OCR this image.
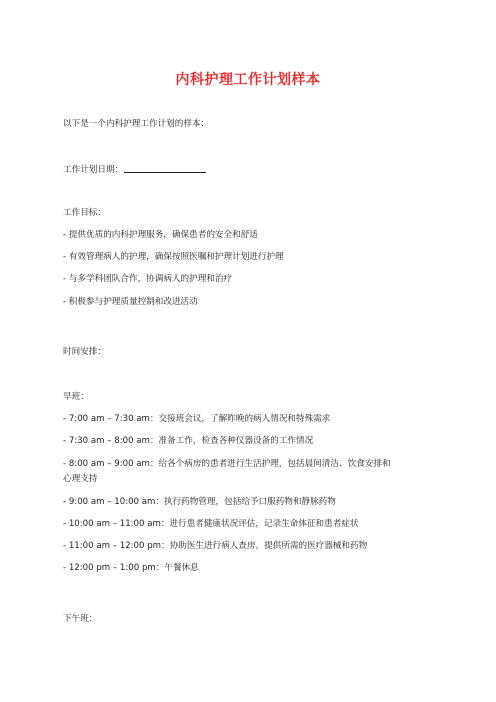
内科护理工作计划样本
以下是一个内科护理工作计划的样本：
工作计划日期：
工作目标：
- 提供优质的内科护理服务，确保患者的安全和舒适
- 有效管理病人的护理，确保按照医嘱和护理计划进行护理
- 与多学科团队合作，协调病人的护理和治疗
- 积极参与护理质量控制和改进活动
时间安排：
早班：
- 7:00 am – 7:30 am：交接班会议，了解昨晚的病人情况和特殊需求
- 7:30 am – 8:00 am：准备工作，检查各种仪器设备的工作情况
- 8:00 am – 9:00 am：给各个病房的患者进行生活护理，包括晨间清洁、饮食安排和
心理支持
- 9:00 am – 10:00 am：执行药物管理，包括给予口服药物和静脉药物
- 10:00 am – 11:00 am：进行患者健康状况评估，记录生命体征和患者症状
- 11:00 am – 12:00 pm：协助医生进行病人查房，提供所需的医疗器械和药物
- 12:00 pm – 1:00 pm：午餐休息
下午班：
